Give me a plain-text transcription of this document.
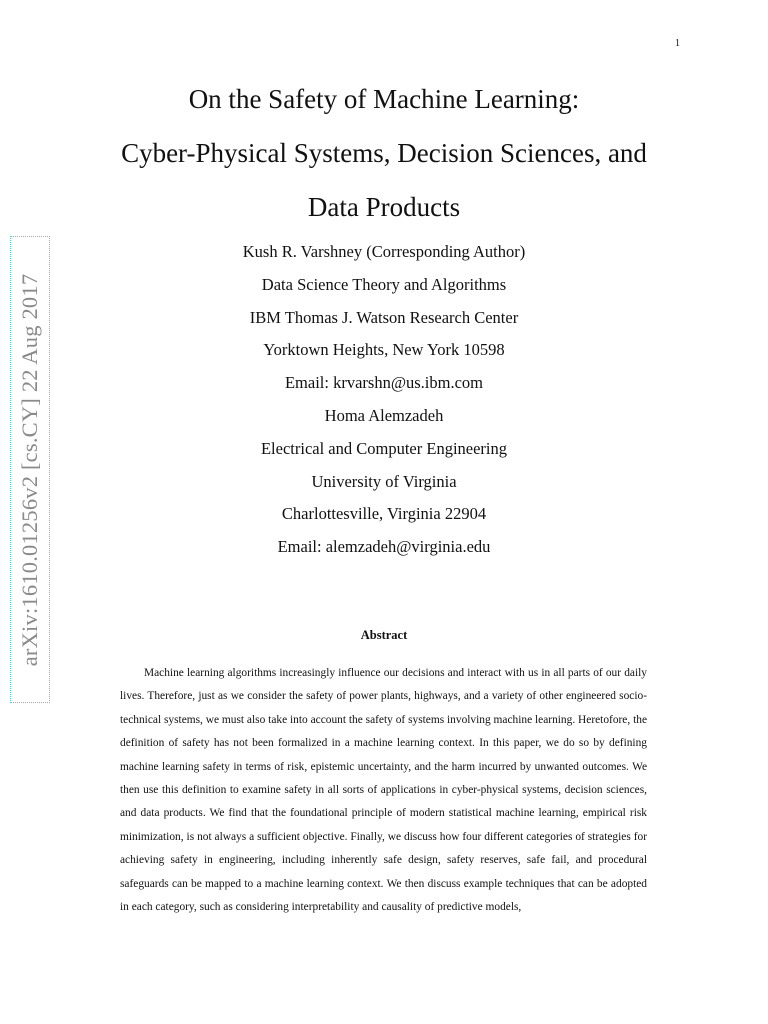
1
arXiv:1610.01256v2 [cs.CY] 22 Aug 2017
On the Safety of Machine Learning:
Cyber-Physical Systems, Decision Sciences, and
Data Products

Kush R. Varshney (Corresponding Author)

Data Science Theory and Algorithms

IBM Thomas J. Watson Research Center

Yorktown Heights, New York 10598

Email: krvarshn@us.ibm.com

Homa Alemzadeh

Electrical and Computer Engineering

University of Virginia

Charlottesville, Virginia 22904

Email: alemzadeh@virginia.edu

Abstract

Machine learning algorithms increasingly influence our decisions and interact with us in all parts of our daily lives. Therefore, just as we consider the safety of power plants, highways, and a variety of other engineered socio-technical systems, we must also take into account the safety of systems involving machine learning. Heretofore, the definition of safety has not been formalized in a machine learning context. In this paper, we do so by defining machine learning safety in terms of risk, epistemic uncertainty, and the harm incurred by unwanted outcomes. We then use this definition to examine safety in all sorts of applications in cyber-physical systems, decision sciences, and data products. We find that the foundational principle of modern statistical machine learning, empirical risk minimization, is not always a sufficient objective. Finally, we discuss how four different categories of strategies for achieving safety in engineering, including inherently safe design, safety reserves, safe fail, and procedural safeguards can be mapped to a machine learning context. We then discuss example techniques that can be adopted in each category, such as considering interpretability and causality of predictive models,
